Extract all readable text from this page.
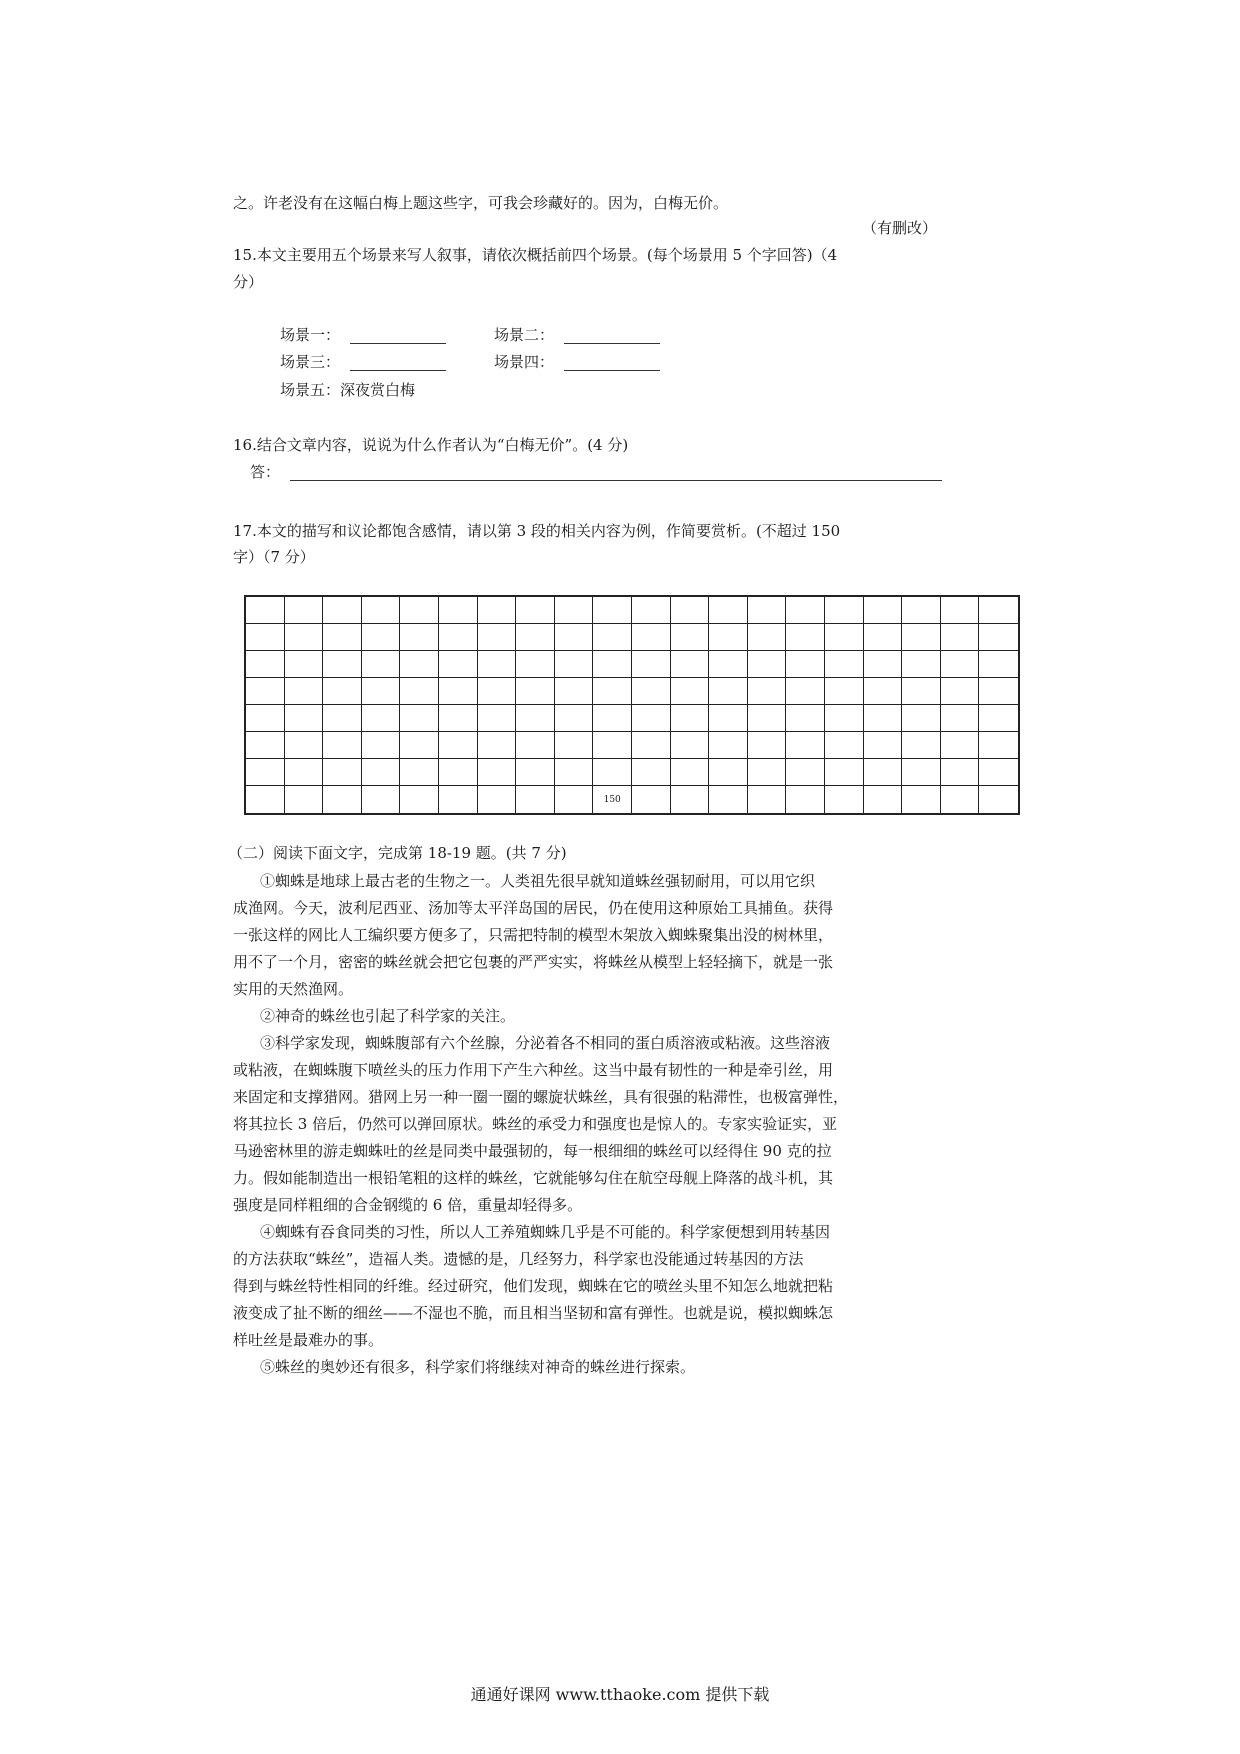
之。许老没有在这幅白梅上题这些字，可我会珍藏好的。因为，白梅无价。
（有删改）
15.本文主要用五个场景来写人叙事，请依次概括前四个场景。(每个场景用 5 个字回答)（4
分）
场景一：	场景二：
场景三：	场景四：
场景五：深夜赏白梅
16.结合文章内容，说说为什么作者认为“白梅无价”。(4 分)
答：
17.本文的描写和议论都饱含感情，请以第 3 段的相关内容为例，作简要赏析。(不超过 150
字）（7 分）
150
（二）阅读下面文字，完成第 18-19 题。(共 7 分)
①蜘蛛是地球上最古老的生物之一。人类祖先很早就知道蛛丝强韧耐用，可以用它织
成渔网。今天，波利尼西亚、汤加等太平洋岛国的居民，仍在使用这种原始工具捕鱼。获得
一张这样的网比人工编织要方便多了，只需把特制的模型木架放入蜘蛛聚集出没的树林里，
用不了一个月，密密的蛛丝就会把它包裹的严严实实，将蛛丝从模型上轻轻摘下，就是一张
实用的天然渔网。
②神奇的蛛丝也引起了科学家的关注。
③科学家发现，蜘蛛腹部有六个丝腺，分泌着各不相同的蛋白质溶液或粘液。这些溶液
或粘液，在蜘蛛腹下喷丝头的压力作用下产生六种丝。这当中最有韧性的一种是牵引丝，用
来固定和支撑猎网。猎网上另一种一圈一圈的螺旋状蛛丝，具有很强的粘滞性，也极富弹性，
将其拉长 3 倍后，仍然可以弹回原状。蛛丝的承受力和强度也是惊人的。专家实验证实，亚
马逊密林里的游走蜘蛛吐的丝是同类中最强韧的，每一根细细的蛛丝可以经得住 90 克的拉
力。假如能制造出一根铅笔粗的这样的蛛丝，它就能够勾住在航空母舰上降落的战斗机，其
强度是同样粗细的合金钢缆的 6 倍，重量却轻得多。
④蜘蛛有吞食同类的习性，所以人工养殖蜘蛛几乎是不可能的。科学家便想到用转基因
的方法获取“蛛丝”，造福人类。遗憾的是，几经努力，科学家也没能通过转基因的方法
得到与蛛丝特性相同的纤维。经过研究，他们发现，蜘蛛在它的喷丝头里不知怎么地就把粘
液变成了扯不断的细丝——不湿也不脆，而且相当坚韧和富有弹性。也就是说，模拟蜘蛛怎
样吐丝是最难办的事。
⑤蛛丝的奥妙还有很多，科学家们将继续对神奇的蛛丝进行探索。
通通好课网 www.tthaoke.com 提供下载
